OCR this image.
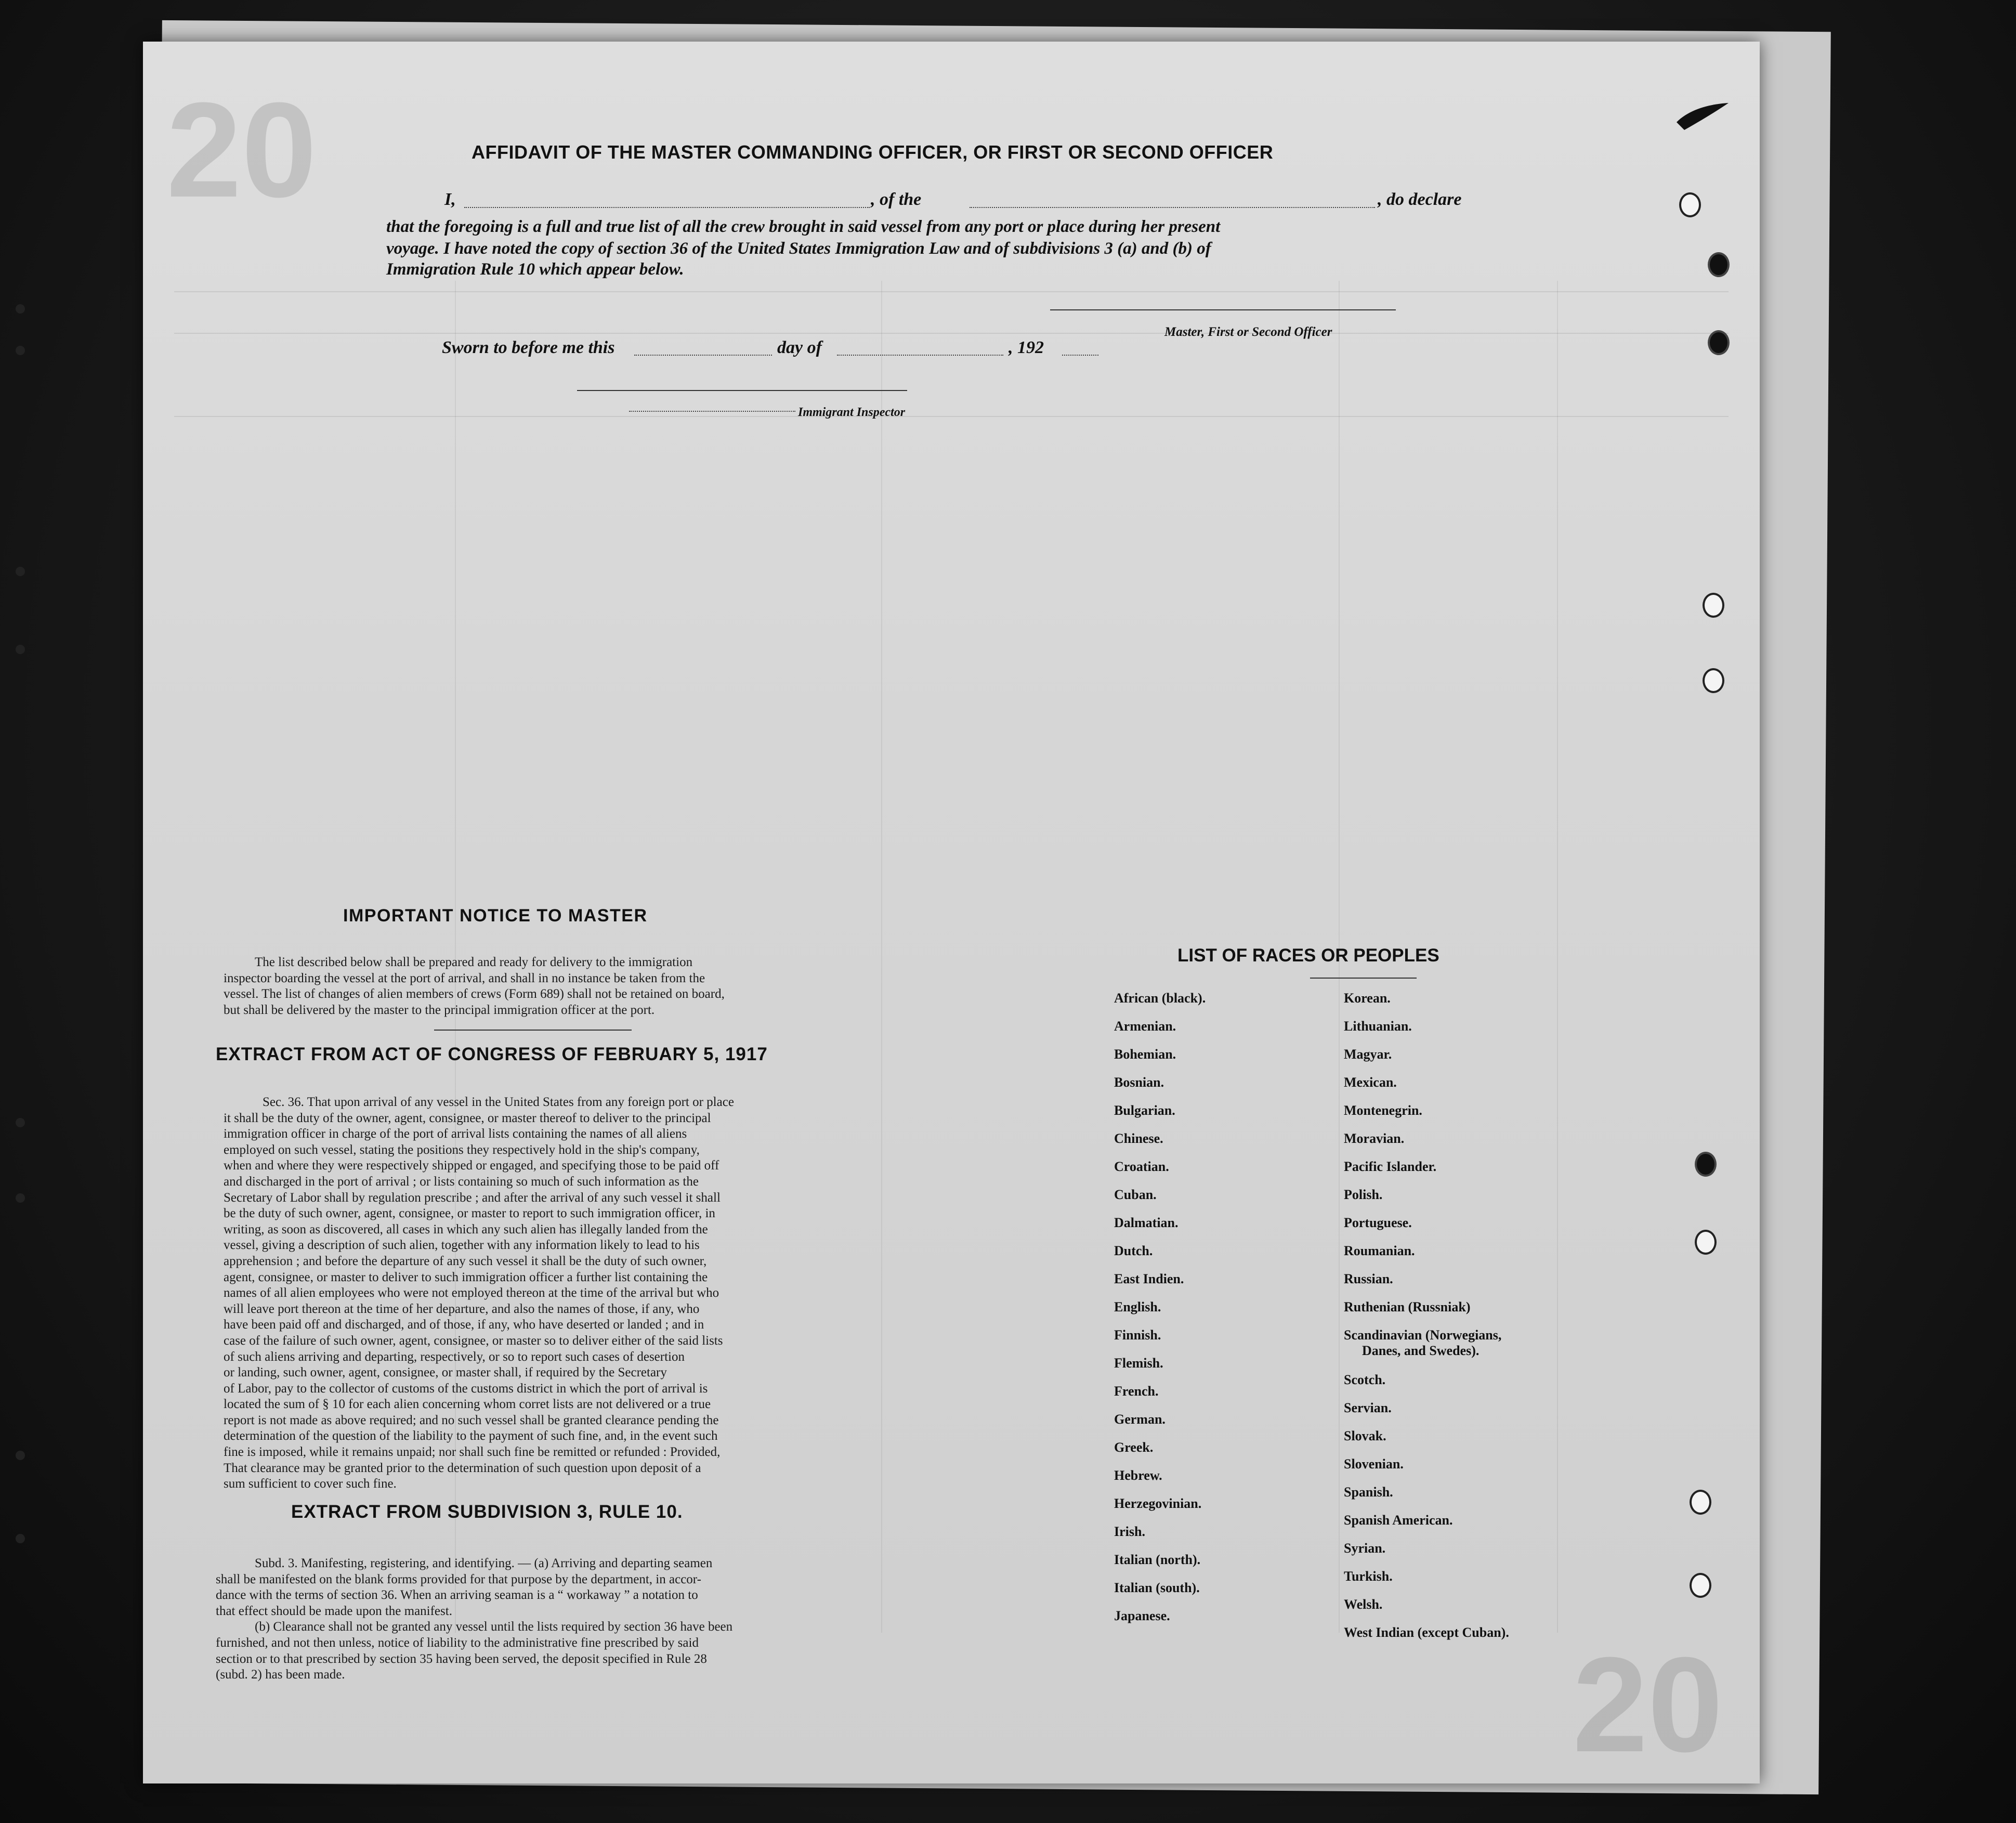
20
20
AFFIDAVIT OF THE MASTER COMMANDING OFFICER, OR FIRST OR SECOND OFFICER
I,	, of the	, do declare
that the foregoing is a full and true list of all the crew brought in said vessel from any port or place during her present
voyage. I have noted the copy of section 36 of the United States Immigration Law and of subdivisions 3 (a) and (b) of
Immigration Rule 10 which appear below.
Master, First or Second Officer
Sworn to before me this	day of	, 192
Immigrant Inspector
IMPORTANT NOTICE TO MASTER
The list described below shall be prepared and ready for delivery to the immigration
inspector boarding the vessel at the port of arrival, and shall in no instance be taken from the
vessel. The list of changes of alien members of crews (Form 689) shall not be retained on board,
but shall be delivered by the master to the principal immigration officer at the port.
EXTRACT FROM ACT OF CONGRESS OF FEBRUARY 5, 1917
Sec. 36. That upon arrival of any vessel in the United States from any foreign port or place
it shall be the duty of the owner, agent, consignee, or master thereof to deliver to the principal
immigration officer in charge of the port of arrival lists containing the names of all aliens
employed on such vessel, stating the positions they respectively hold in the ship's company,
when and where they were respectively shipped or engaged, and specifying those to be paid off
and discharged in the port of arrival ; or lists containing so much of such information as the
Secretary of Labor shall by regulation prescribe ; and after the arrival of any such vessel it shall
be the duty of such owner, agent, consignee, or master to report to such immigration officer, in
writing, as soon as discovered, all cases in which any such alien has illegally landed from the
vessel, giving a description of such alien, together with any information likely to lead to his
apprehension ; and before the departure of any such vessel it shall be the duty of such owner,
agent, consignee, or master to deliver to such immigration officer a further list containing the
names of all alien employees who were not employed thereon at the time of the arrival but who
will leave port thereon at the time of her departure, and also the names of those, if any, who
have been paid off and discharged, and of those, if any, who have deserted or landed ; and in
case of the failure of such owner, agent, consignee, or master so to deliver either of the said lists
of such aliens arriving and departing, respectively, or so to report such cases of desertion
or landing, such owner, agent, consignee, or master shall, if required by the Secretary
of Labor, pay to the collector of customs of the customs district in which the port of arrival is
located the sum of § 10 for each alien concerning whom corret lists are not delivered or a true
report is not made as above required; and no such vessel shall be granted clearance pending the
determination of the question of the liability to the payment of such fine, and, in the event such
fine is imposed, while it remains unpaid; nor shall such fine be remitted or refunded : Provided,
That clearance may be granted prior to the determination of such question upon deposit of a
sum sufficient to cover such fine.
EXTRACT FROM SUBDIVISION 3, RULE 10.
Subd. 3. Manifesting, registering, and identifying. — (a) Arriving and departing seamen
shall be manifested on the blank forms provided for that purpose by the department, in accor-
dance with the terms of section 36. When an arriving seaman is a “ workaway ” a notation to
that effect should be made upon the manifest.
(b) Clearance shall not be granted any vessel until the lists required by section 36 have been
furnished, and not then unless, notice of liability to the administrative fine prescribed by said
section or to that prescribed by section 35 having been served, the deposit specified in Rule 28
(subd. 2) has been made.
LIST OF RACES OR PEOPLES
African (black).
Armenian.
Bohemian.
Bosnian.
Bulgarian.
Chinese.
Croatian.
Cuban.
Dalmatian.
Dutch.
East Indien.
English.
Finnish.
Flemish.
French.
German.
Greek.
Hebrew.
Herzegovinian.
Irish.
Italian (north).
Italian (south).
Japanese.
Korean.
Lithuanian.
Magyar.
Mexican.
Montenegrin.
Moravian.
Pacific Islander.
Polish.
Portuguese.
Roumanian.
Russian.
Ruthenian (Russniak)
Scandinavian (Norwegians,
Danes, and Swedes).
Scotch.
Servian.
Slovak.
Slovenian.
Spanish.
Spanish American.
Syrian.
Turkish.
Welsh.
West Indian (except Cuban).
